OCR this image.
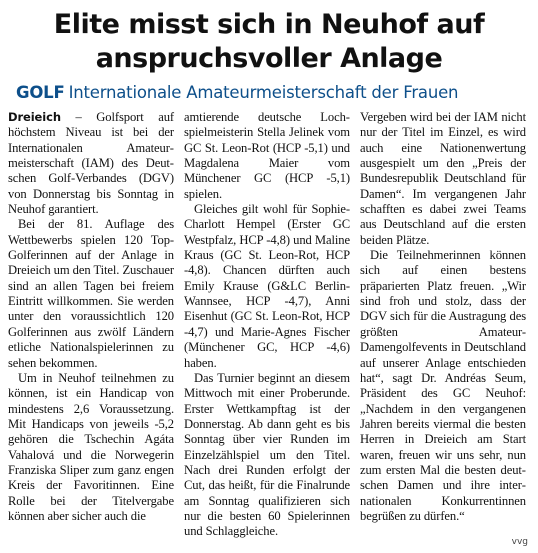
Elite misst sich in Neuhof auf
anspruchsvoller Anlage
GOLF Internationale Amateurmeisterschaft der Frauen

Dreieich – Golfsport auf höchstem Niveau ist bei der Internationalen Amateurmeisterschaft (IAM) des Deutschen Golf-Verbandes (DGV) von Donnerstag bis Sonntag in Neuhof garantiert.

Bei der 81. Auflage des Wettbewerbs spielen 120 Top-Golferinnen auf der Anlage in Dreieich um den Titel. Zuschauer sind an allen Tagen bei freiem Eintritt willkommen. Sie werden unter den voraussichtlich 120 Golferinnen aus zwölf Ländern etliche Nationalspielerinnen zu sehen bekommen.

Um in Neuhof teilnehmen zu können, ist ein Handicap von mindestens 2,6 Voraussetzung. Mit Handicaps von jeweils -5,2 gehören die Tschechin Agáta Vahalová und die Norwegerin Franziska Sliper zum ganz engen Kreis der Favoritinnen. Eine Rolle bei der Titelvergabe können aber sicher auch die

amtierende deutsche Lochspielmeisterin Stella Jelinek vom GC St. Leon-Rot (HCP -5,1) und Magdalena Maier vom Münchener GC (HCP -5,1) spielen.

Gleiches gilt wohl für Sophie-Charlott Hempel (Erster GC Westpfalz, HCP -4,8) und Maline Kraus (GC St. Leon-Rot, HCP -4,8). Chancen dürften auch Emily Krause (G&LC Berlin-Wannsee, HCP -4,7), Anni Eisenhut (GC St. Leon-Rot, HCP -4,7) und Marie-Agnes Fischer (Münchener GC, HCP -4,6) haben.

Das Turnier beginnt an diesem Mittwoch mit einer Proberunde. Erster Wettkampftag ist der Donnerstag. Ab dann geht es bis Sonntag über vier Runden im Einzelzählspiel um den Titel. Nach drei Runden erfolgt der Cut, das heißt, für die Finalrunde am Sonntag qualifizieren sich nur die besten 60 Spielerinnen und Schlaggleiche.

Vergeben wird bei der IAM nicht nur der Titel im Einzel, es wird auch eine Nationenwertung ausgespielt um den „Preis der Bundesrepublik Deutschland für Damen“. Im vergangenen Jahr schafften es dabei zwei Teams aus Deutschland auf die ersten beiden Plätze.

Die Teilnehmerinnen können sich auf einen bestens präparierten Platz freuen. „Wir sind froh und stolz, dass der DGV sich für die Austragung des größten Amateur-Damengolfevents in Deutschland auf unserer Anlage entschieden hat“, sagt Dr. Andréas Seum, Präsident des GC Neuhof: „Nachdem in den vergangenen Jahren bereits viermal die besten Herren in Dreieich am Start waren, freuen wir uns sehr, nun zum ersten Mal die besten deutschen Damen und ihre internationalen Konkurrentinnen begrüßen zu dürfen.“

vvg
